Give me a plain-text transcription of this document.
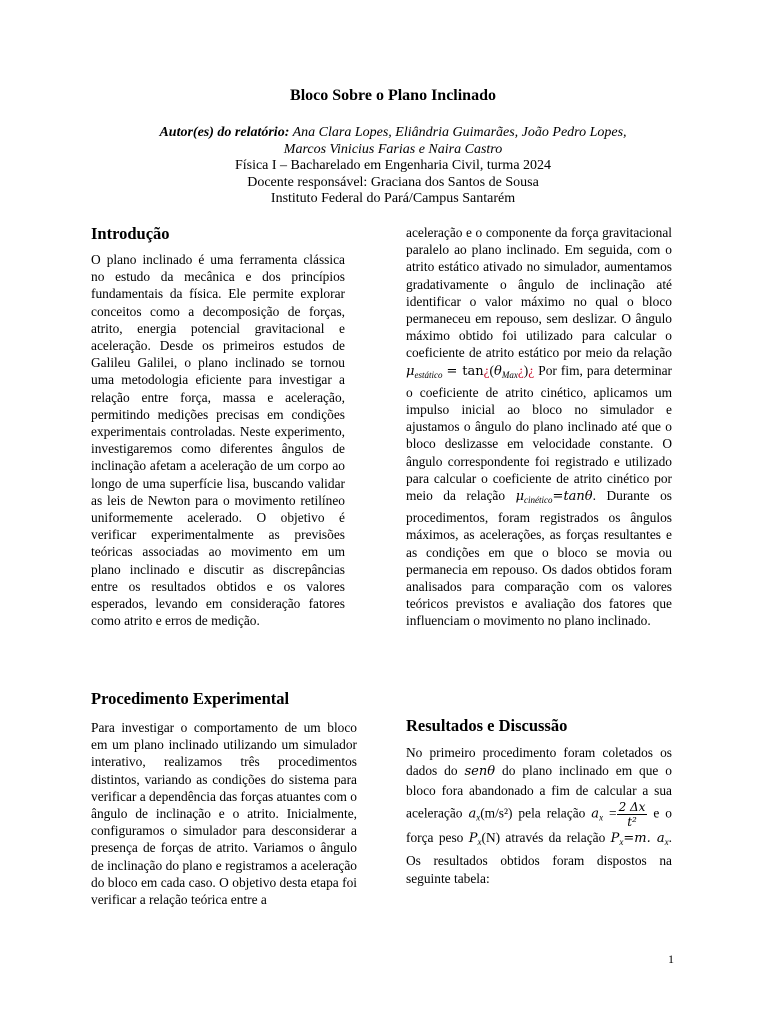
Bloco Sobre o Plano Inclinado
Autor(es) do relatório: Ana Clara Lopes, Eliândria Guimarães, João Pedro Lopes,
Marcos Vinicius Farias e Naira Castro
Física I – Bacharelado em Engenharia Civil, turma 2024
Docente responsável: Graciana dos Santos de Sousa
Instituto Federal do Pará/Campus Santarém
Introdução

O plano inclinado é uma ferramenta clássica no estudo da mecânica e dos princípios fundamentais da física. Ele permite explorar conceitos como a decomposição de forças, atrito, energia potencial gravitacional e aceleração. Desde os primeiros estudos de Galileu Galilei, o plano inclinado se tornou uma metodologia eficiente para investigar a relação entre força, massa e aceleração, permitindo medições precisas em condições experimentais controladas. Neste experimento, investigaremos como diferentes ângulos de inclinação afetam a aceleração de um corpo ao longo de uma superfície lisa, buscando validar as leis de Newton para o movimento retilíneo uniformemente acelerado. O objetivo é verificar experimentalmente as previsões teóricas associadas ao movimento em um plano inclinado e discutir as discrepâncias entre os resultados obtidos e os valores esperados, levando em consideração fatores como atrito e erros de medição.

Procedimento Experimental

Para investigar o comportamento de um bloco em um plano inclinado utilizando um simulador interativo, realizamos três procedimentos distintos, variando as condições do sistema para verificar a dependência das forças atuantes com o ângulo de inclinação e o atrito. Inicialmente, configuramos o simulador para desconsiderar a presença de forças de atrito. Variamos o ângulo de inclinação do plano e registramos a aceleração do bloco em cada caso. O objetivo desta etapa foi verificar a relação teórica entre a

aceleração e o componente da força gravitacional paralelo ao plano inclinado. Em seguida, com o atrito estático ativado no simulador, aumentamos gradativamente o ângulo de inclinação até identificar o valor máximo no qual o bloco permaneceu em repouso, sem deslizar. O ângulo máximo obtido foi utilizado para calcular o coeficiente de atrito estático por meio da relação $\mu_{estático}$ = $\tan¿(\theta_{Max}¿)¿$ Por fim, para determinar o coeficiente de atrito cinético, aplicamos um impulso inicial ao bloco no simulador e ajustamos o ângulo do plano inclinado até que o bloco deslizasse em velocidade constante. O ângulo correspondente foi registrado e utilizado para calcular o coeficiente de atrito cinético por meio da relação $\mu_{cinético}=\tan\theta$. Durante os procedimentos, foram registrados os ângulos máximos, as acelerações, as forças resultantes e as condições em que o bloco se movia ou permanecia em repouso. Os dados obtidos foram analisados para comparação com os valores teóricos previstos e avaliação dos fatores que influenciam o movimento no plano inclinado.

Resultados e Discussão

No primeiro procedimento foram coletados os dados do senθ do plano inclinado em que o bloco fora abandonado a fim de calcular a sua aceleração $a_x(m/s^2)$ pela relação $a_x = \frac{2 \Delta x}{\text{t²}}$ e o força peso $P_x(N)$ através da relação $P_x=m$. $a_x$. Os resultados obtidos foram dispostos na seguinte tabela:

1
